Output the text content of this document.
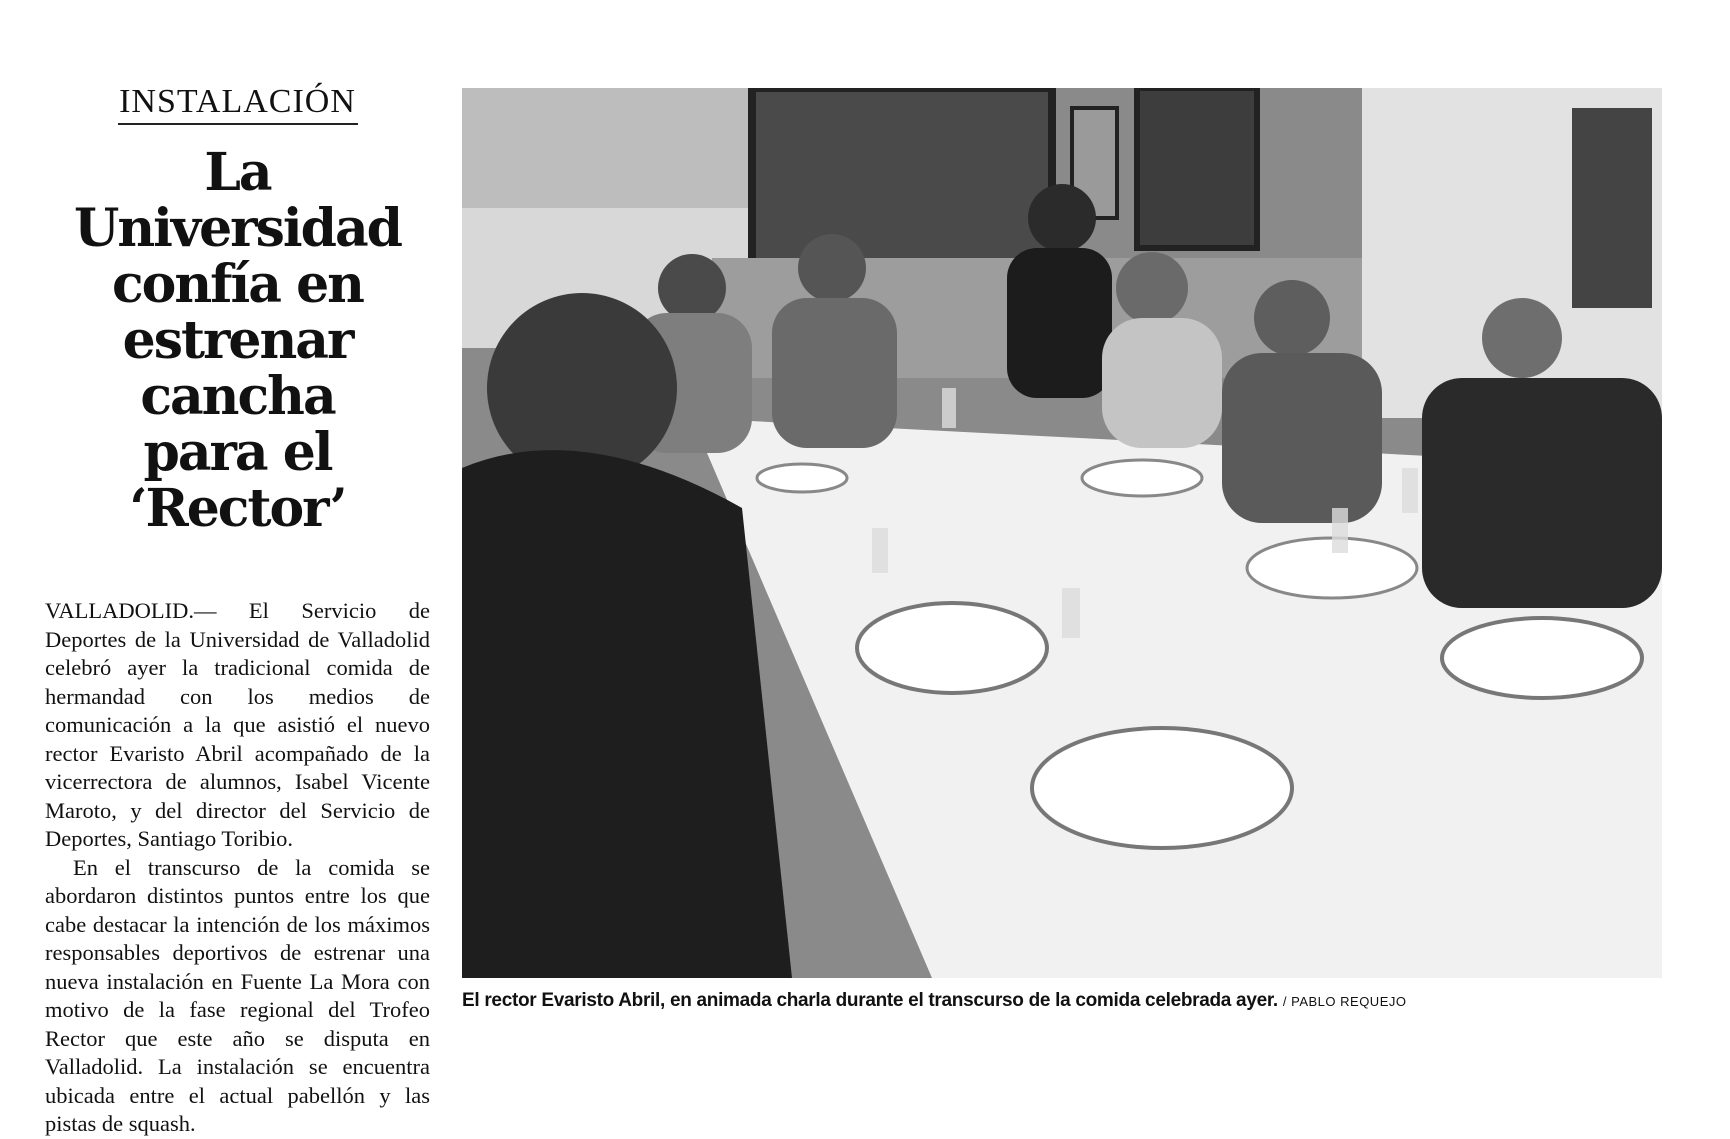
INSTALACIÓN
La Universidad
confía en
estrenar cancha
para el ‘Rector’

VALLADOLID.— El Servicio de Deportes de la Universidad de Valladolid celebró ayer la tradicional comida de hermandad con los medios de comunicación a la que asistió el nuevo rector Evaristo Abril acompañado de la vicerrectora de alumnos, Isabel Vicente Maroto, y del director del Servicio de Deportes, Santiago Toribio.

En el transcurso de la comida se abordaron distintos puntos entre los que cabe destacar la intención de los máximos responsables deportivos de estrenar una nueva instalación en Fuente La Mora con motivo de la fase regional del Trofeo Rector que este año se disputa en Valladolid. La instalación se encuentra ubicada entre el actual pabellón y las pistas de squash.

El rector Evaristo Abril, en animada charla durante el transcurso de la comida celebrada ayer. / PABLO REQUEJO
